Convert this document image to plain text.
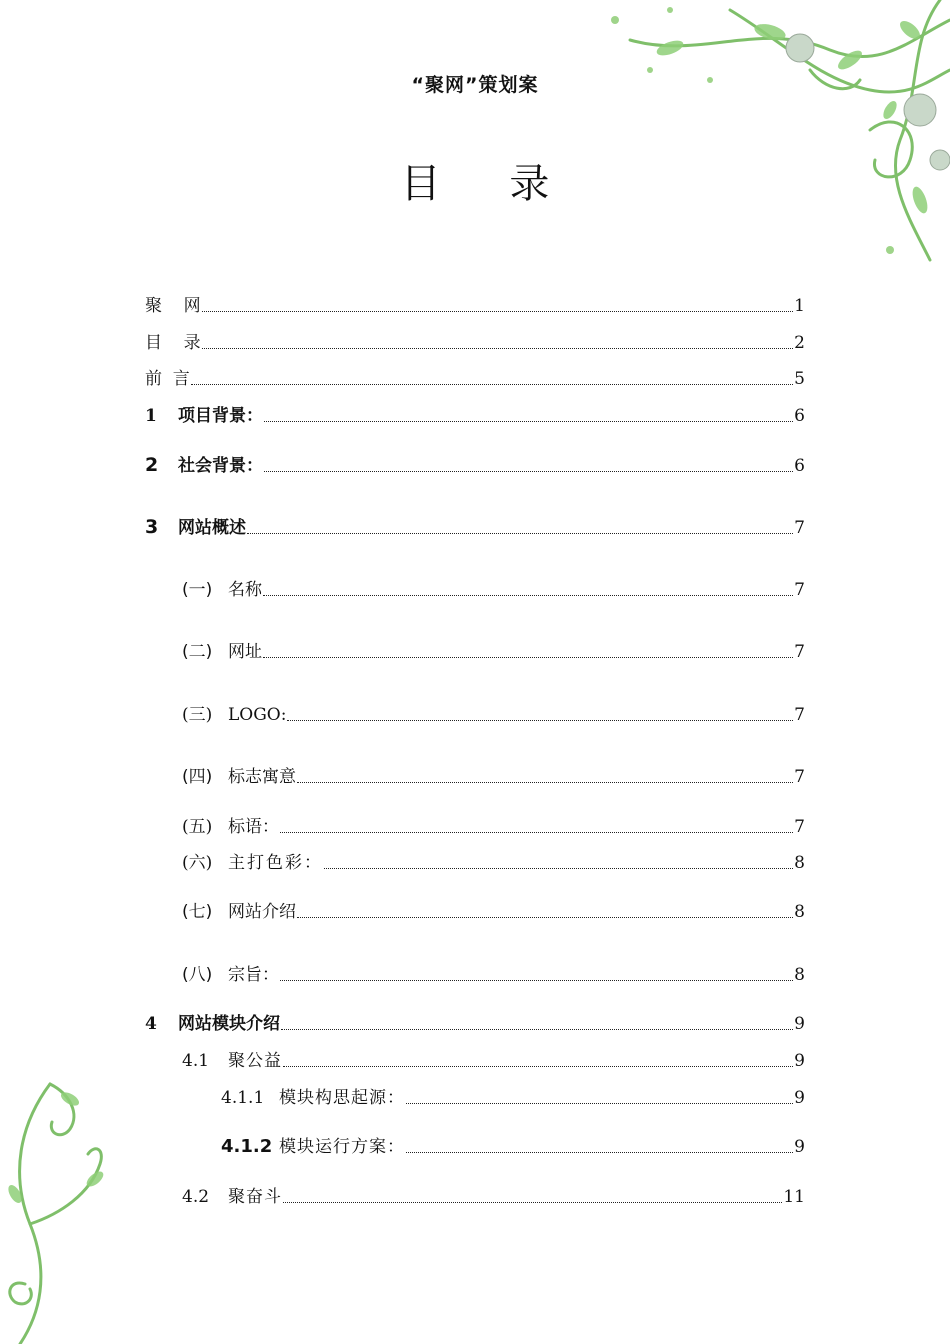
“聚网”策划案
目 录
聚    网	1
目    录	2
前  言	5
1	项目背景：	6
2	社会背景：	6
3	网站概述	7
(一) 名称	7
(二) 网址	7
(三) LOGO:	7
(四) 标志寓意	7
(五) 标语：	7
(六) 主打色彩：	8
(七) 网站介绍	8
(八) 宗旨：	8
4	网站模块介绍	9
4.1	聚公益	9
4.1.1 模块构思起源：	9
4.1.2 模块运行方案：	9
4.2	聚奋斗	11
